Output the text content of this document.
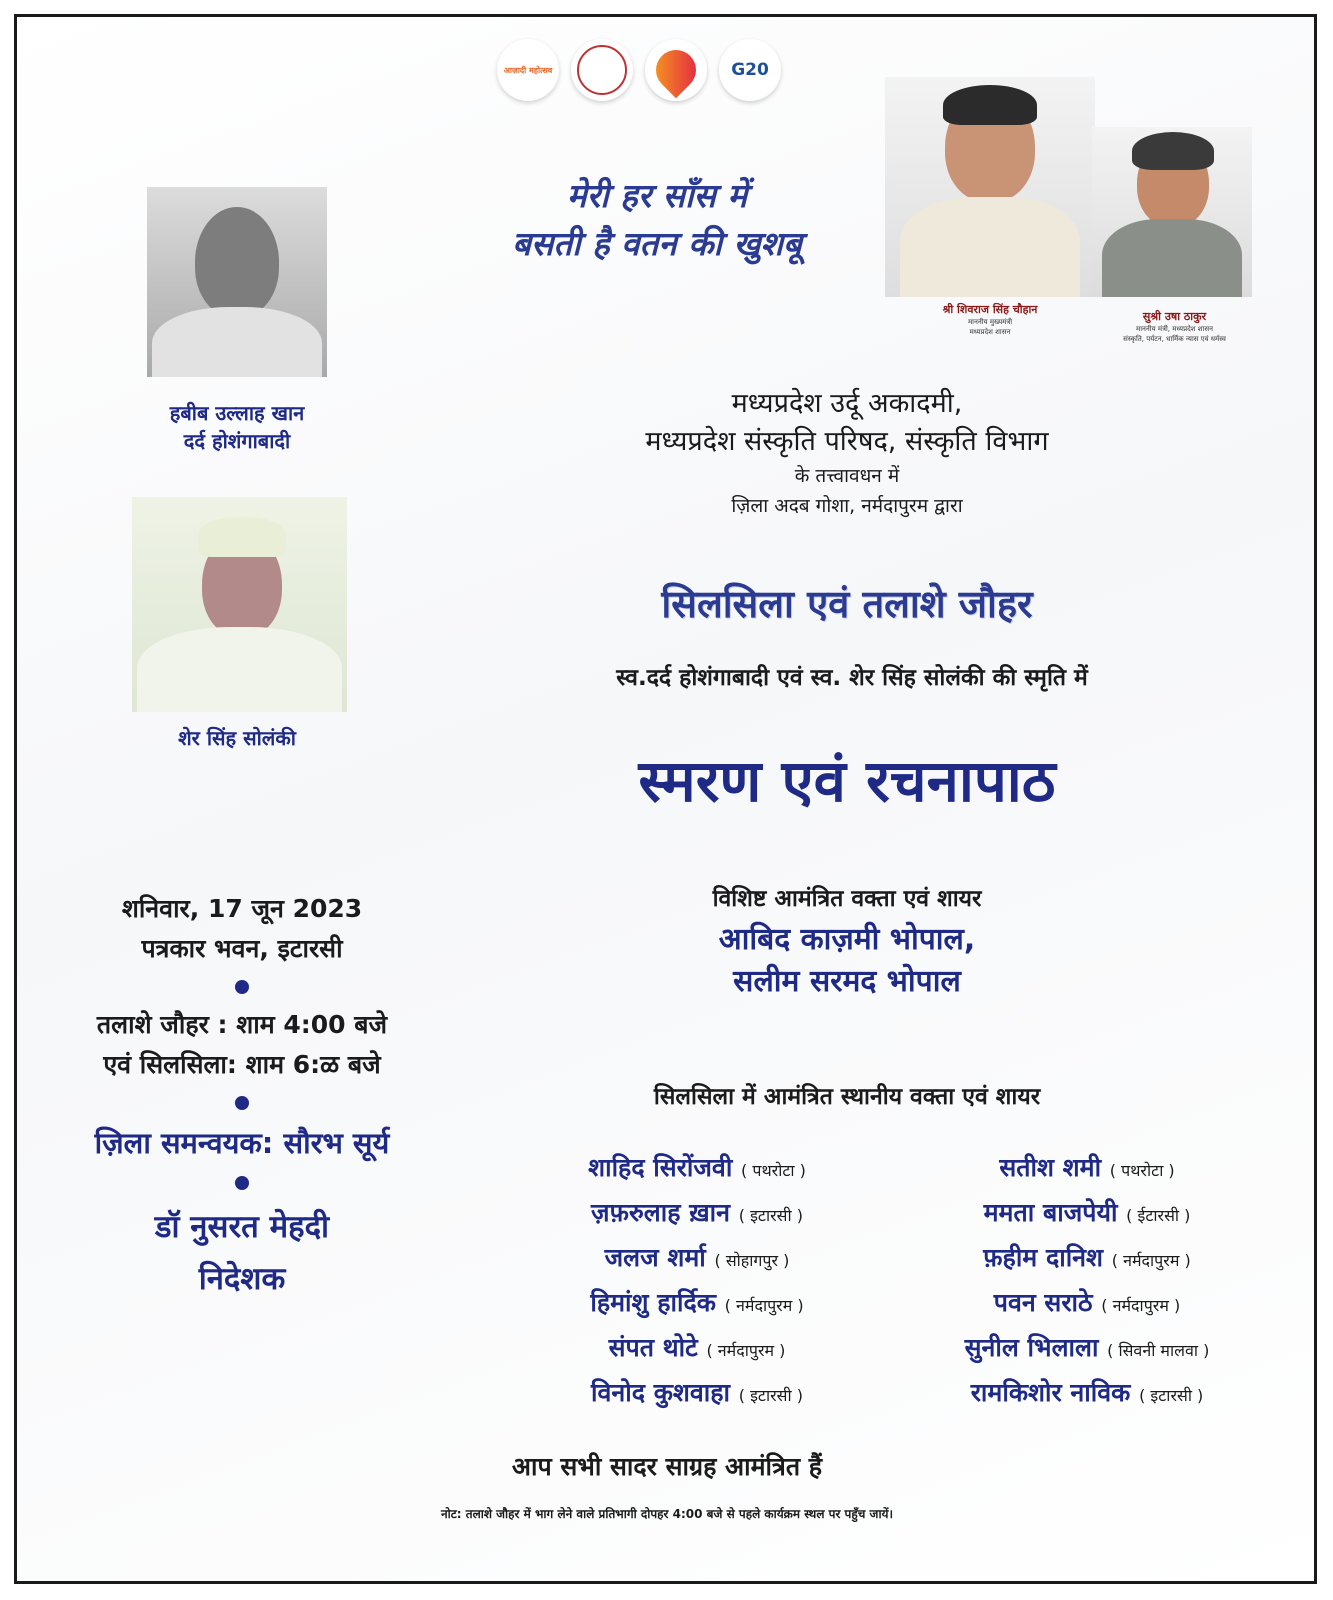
आज़ादी महोत्सव	G20
मेरी हर साँस में
बसती है वतन की खुशबू
श्री शिवराज सिंह चौहान
माननीय मुख्यमंत्री
मध्यप्रदेश शासन
सुश्री उषा ठाकुर
माननीय मंत्री, मध्यप्रदेश शासन
संस्कृति, पर्यटन, धार्मिक न्यास एवं धर्मस्व
हबीब उल्लाह खान
दर्द होशंगाबादी
शेर सिंह सोलंकी
मध्यप्रदेश उर्दू अकादमी,
मध्यप्रदेश संस्कृति परिषद, संस्कृति विभाग
के तत्त्वावधन में
ज़िला अदब गोशा, नर्मदापुरम द्वारा
सिलसिला एवं तलाशे जौहर
स्व.दर्द होशंगाबादी एवं स्व. शेर सिंह सोलंकी की स्मृति में
स्मरण एवं रचनापाठ
शनिवार, 17 जून 2023
पत्रकार भवन, इटारसी
तलाशे जौहर : शाम 4:00 बजे
एवं सिलसिला: शाम 6:ळ बजे
ज़िला समन्वयक: सौरभ सूर्य
डॉ नुसरत मेहदी
निदेशक
विशिष्ट आमंत्रित वक्ता एवं शायर
आबिद काज़मी भोपाल,
सलीम सरमद भोपाल
सिलसिला में आमंत्रित स्थानीय वक्ता एवं शायर
शाहिद सिरोंजवी ( पथरोटा )
ज़फ़रुलाह ख़ान ( इटारसी )
जलज शर्मा ( सोहागपुर )
हिमांशु हार्दिक ( नर्मदापुरम )
संपत थोटे ( नर्मदापुरम )
विनोद कुशवाहा ( इटारसी )
सतीश शमी ( पथरोटा )
ममता बाजपेयी ( ईटारसी )
फ़हीम दानिश ( नर्मदापुरम )
पवन सराठे ( नर्मदापुरम )
सुनील भिलाला ( सिवनी मालवा )
रामकिशोर नाविक ( इटारसी )
आप सभी सादर साग्रह आमंत्रित हैं
नोट: तलाशे जौहर में भाग लेने वाले प्रतिभागी दोपहर 4:00 बजे से पहले कार्यक्रम स्थल पर पहुँच जायें।
